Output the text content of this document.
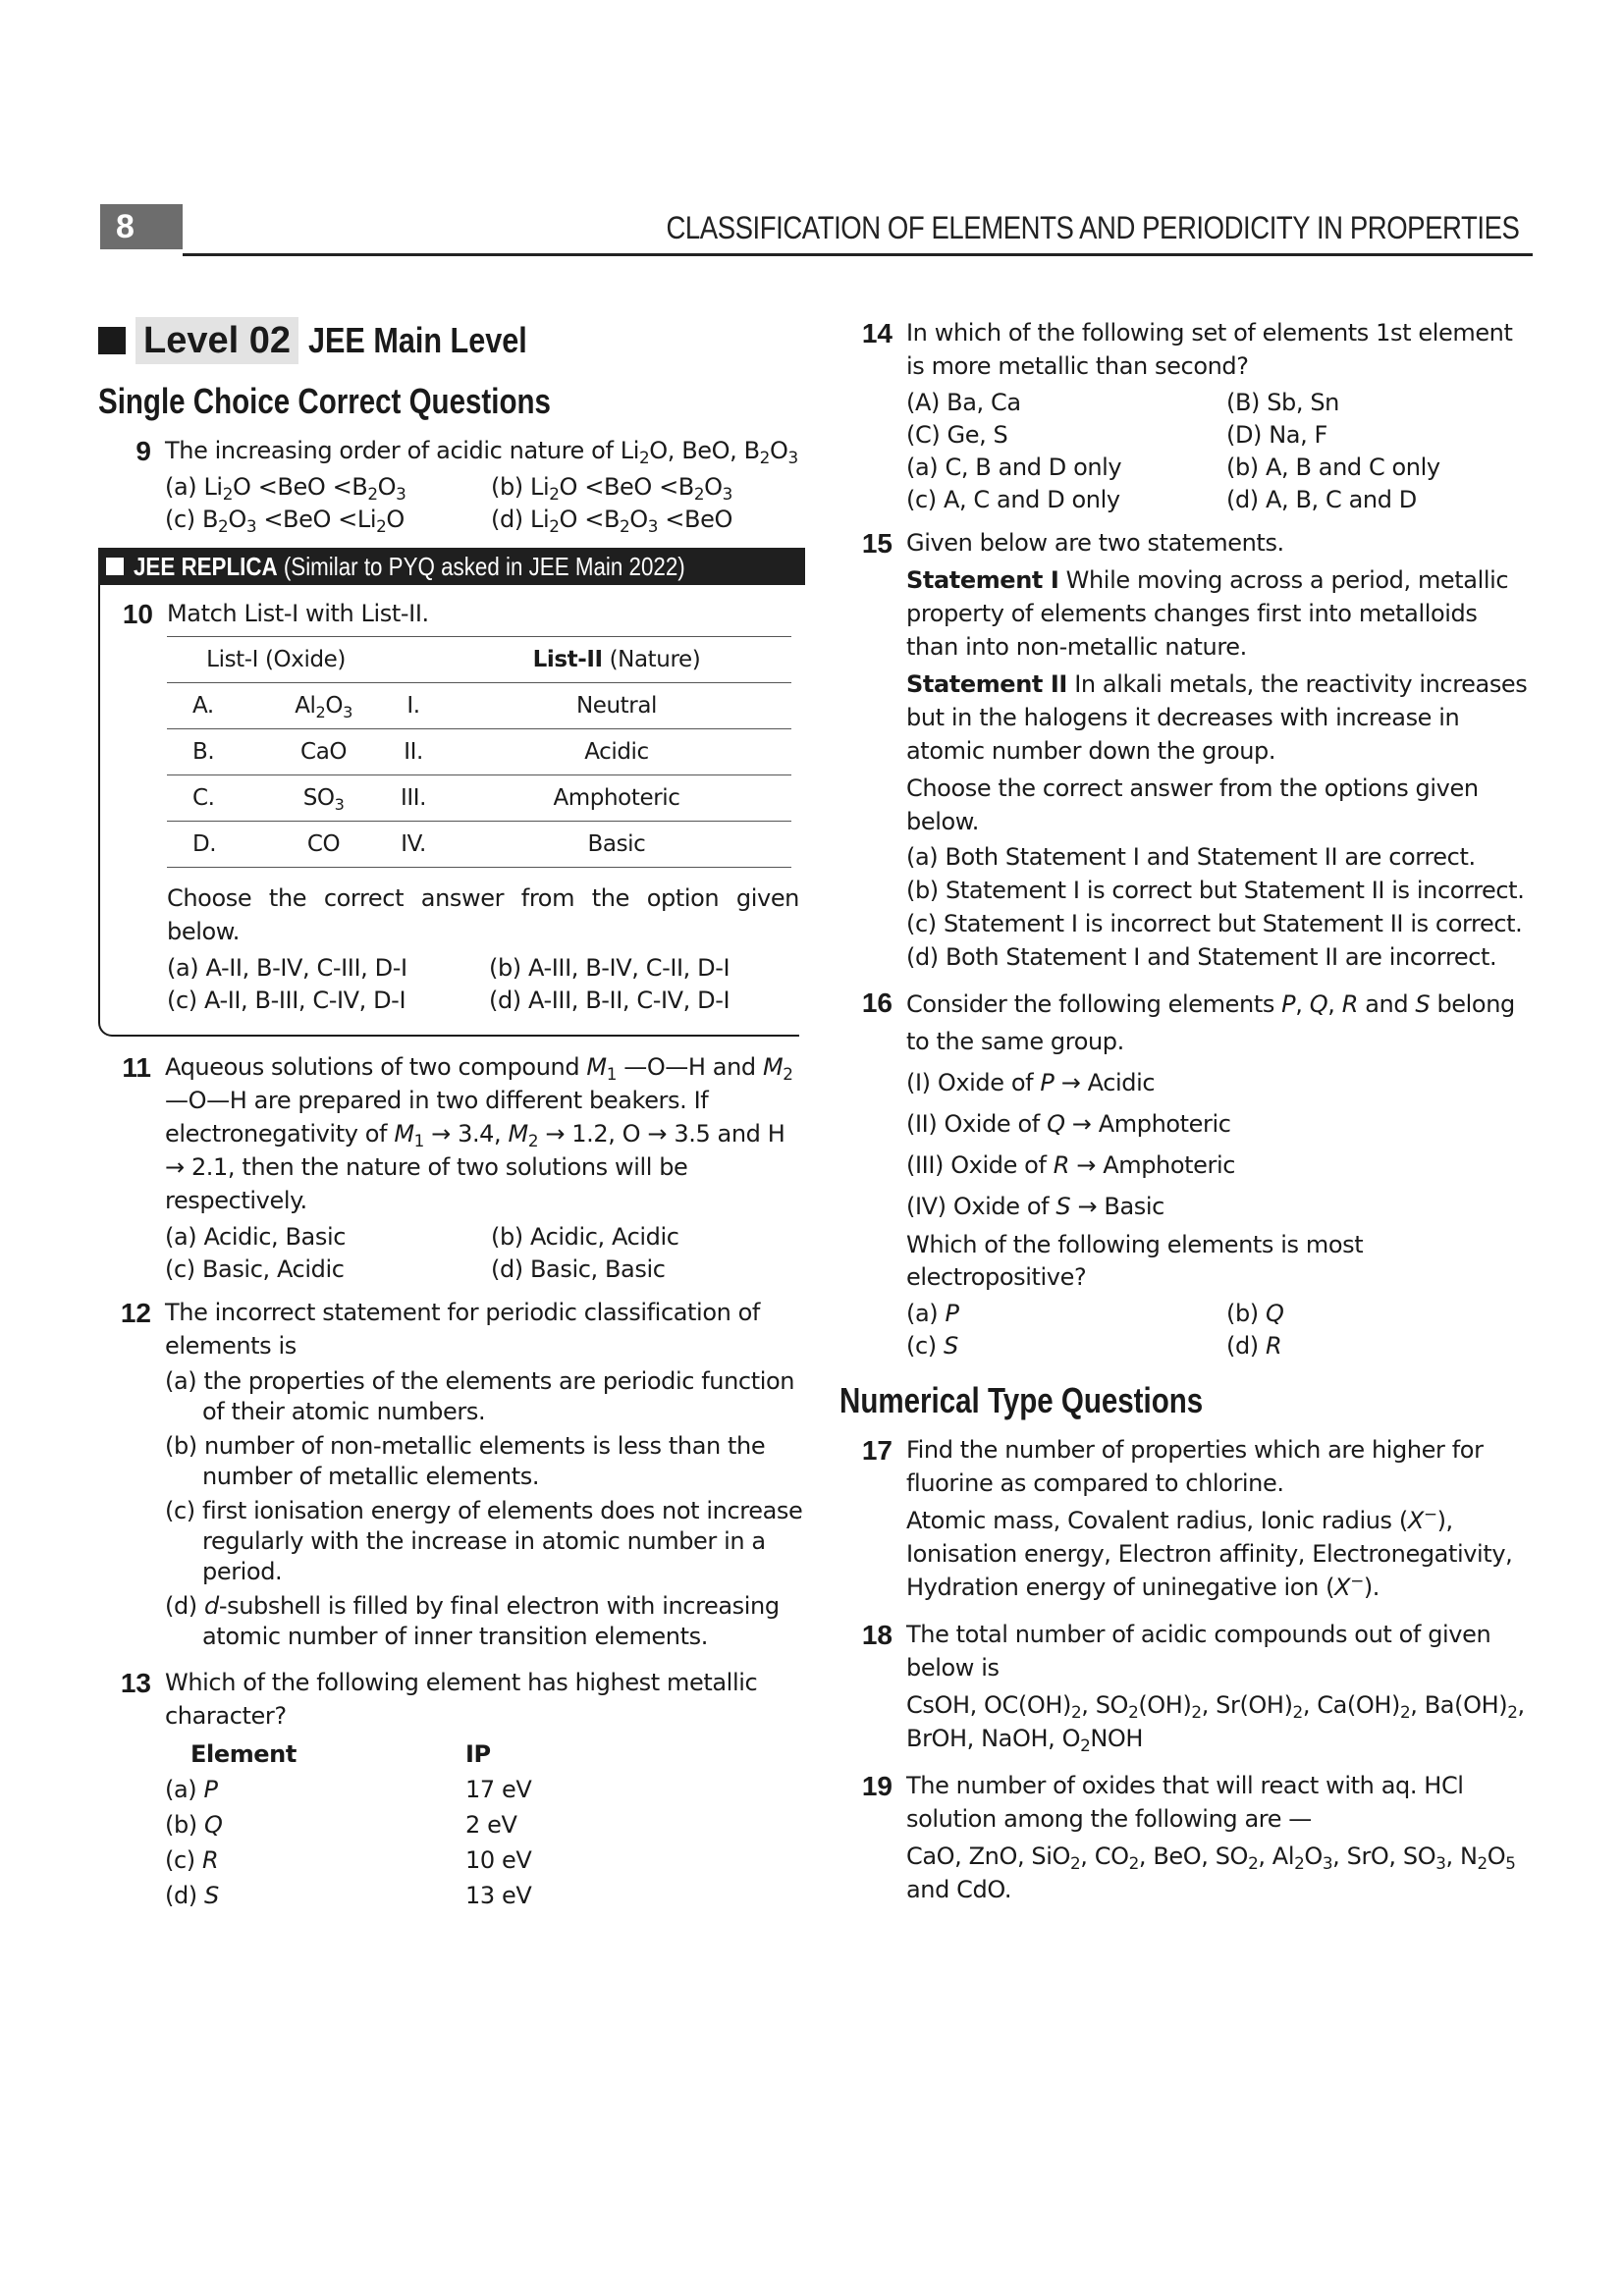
8	CLASSIFICATION OF ELEMENTS AND PERIODICITY IN PROPERTIES
Level 02 JEE Main Level
Single Choice Correct Questions
9 The increasing order of acidic nature of $Li_2O$, BeO, $B_2O_3$

(a) $Li_2O <BeO <B_2O_3$	(b) $Li_2O <BeO <B_2O_3$
(c) $B_2O_3 <BeO <Li_2O$	(d) $Li_2O <B_2O_3 <BeO$
JEE REPLICA (Similar to PYQ asked in JEE Main 2022)
10 Match List-I with List-II.

List-I (Oxide)			List-II (Nature)
A.	$Al_2O_3$	I.	Neutral
B.	CaO	II.	Acidic
C.	$SO_3$	III.	Amphoteric
D.	CO	IV.	Basic

Choose the correct answer from the option given below.

(a) A-II, B-IV, C-III, D-I	(b) A-III, B-IV, C-II, D-I
(c) A-II, B-III, C-IV, D-I	(d) A-III, B-II, C-IV, D-I
11 Aqueous solutions of two compound $M_1$ —O—H and $M_2$ —O—H are prepared in two different beakers. If electronegativity of $M_1 \to 3.4$, $M_2 \to 1.2$, O → 3.5 and H → 2.1, then the nature of two solutions will be respectively.

(a) Acidic, Basic	(b) Acidic, Acidic
(c) Basic, Acidic	(d) Basic, Basic
12 The incorrect statement for periodic classification of elements is

(a) the properties of the elements are periodic function of their atomic numbers.
(b) number of non-metallic elements is less than the number of metallic elements.
(c) first ionisation energy of elements does not increase regularly with the increase in atomic number in a period.
(d) d-subshell is filled by final electron with increasing atomic number of inner transition elements.
13 Which of the following element has highest metallic character?

Element	IP
(a) P	17 eV
(b) Q	2 eV
(c) R	10 eV
(d) S	13 eV
14 In which of the following set of elements 1st element is more metallic than second?

(A) Ba, Ca	(B) Sb, Sn
(C) Ge, S	(D) Na, F
(a) C, B and D only	(b) A, B and C only
(c) A, C and D only	(d) A, B, C and D
15 Given below are two statements.

Statement I While moving across a period, metallic property of elements changes first into metalloids than into non-metallic nature.

Statement II In alkali metals, the reactivity increases but in the halogens it decreases with increase in atomic number down the group.

Choose the correct answer from the options given below.

(a) Both Statement I and Statement II are correct.
(b) Statement I is correct but Statement II is incorrect.
(c) Statement I is incorrect but Statement II is correct.
(d) Both Statement I and Statement II are incorrect.
16 Consider the following elements P, Q, R and S belong to the same group.

(I) Oxide of P → Acidic

(II) Oxide of Q → Amphoteric

(III) Oxide of R → Amphoteric

(IV) Oxide of S → Basic

Which of the following elements is most electropositive?

(a) P	(b) Q
(c) S	(d) R
Numerical Type Questions
17 Find the number of properties which are higher for fluorine as compared to chlorine.

Atomic mass, Covalent radius, Ionic radius (X−), Ionisation energy, Electron affinity, Electronegativity, Hydration energy of uninegative ion (X−).

18 The total number of acidic compounds out of given below is

CsOH, $OC(OH)_2$, $SO_2(OH)_2$, $Sr(OH)_2$, $Ca(OH)_2$, $Ba(OH)_2$, BrOH, NaOH, $O_2NOH$

19 The number of oxides that will react with aq. HCl solution among the following are —

CaO, ZnO, SiO$_2$, $CO_2$, BeO, $SO_2$, $Al_2O_3$, SrO, $SO_3$, $N_2O_5$ and CdO.
